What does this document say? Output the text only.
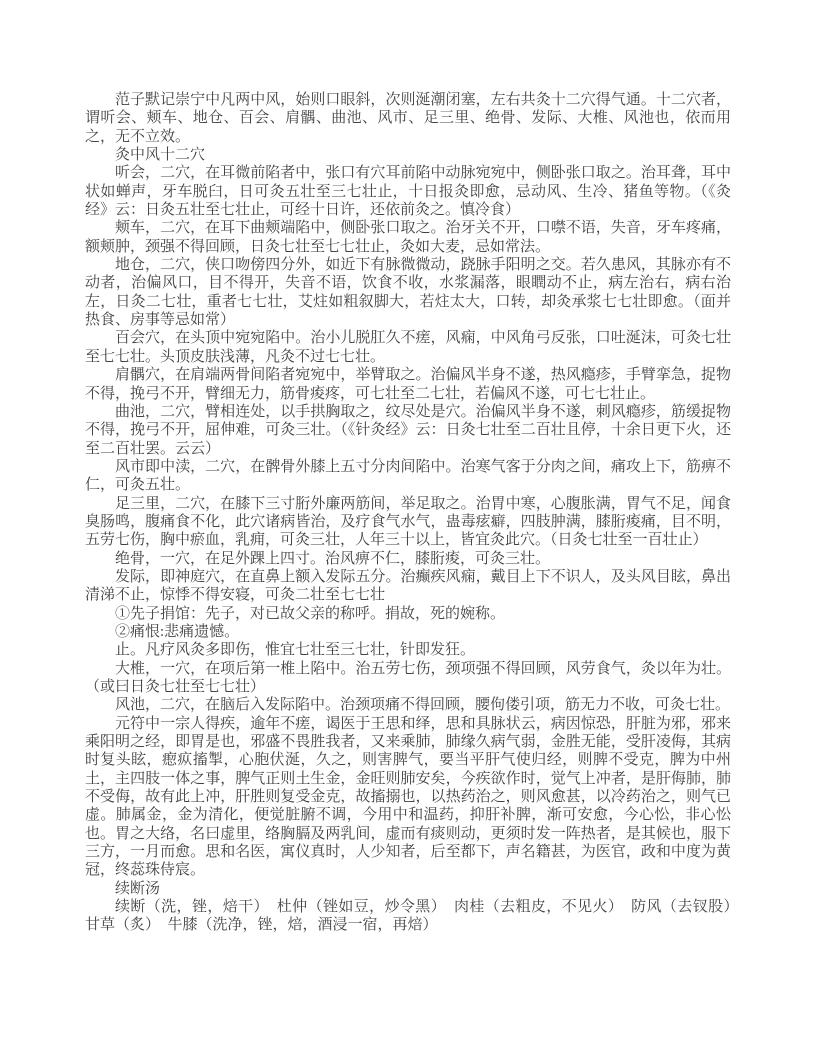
范子默记崇宁中凡两中风，始则口眼斜，次则涎潮闭塞，左右共灸十二穴得气通。十二穴者，谓听会、颊车、地仓、百会、肩髃、曲池、风市、足三里、绝骨、发际、大椎、风池也，依而用之，无不立效。

灸中风十二穴

听会，二穴，在耳微前陷者中，张口有穴耳前陷中动脉宛宛中，侧卧张口取之。治耳聋，耳中状如蝉声，牙车脱臼，日可灸五壮至三七壮止，十日报灸即愈，忌动风、生冷、猪鱼等物。（《灸经》云：日灸五壮至七壮止，可经十日许，还依前灸之。慎冷食）

颊车，二穴，在耳下曲颊端陷中，侧卧张口取之。治牙关不开，口噤不语，失音，牙车疼痛，额颊肿，颈强不得回顾，日灸七壮至七七壮止，灸如大麦，忌如常法。

地仓，二穴，侠口吻傍四分外，如近下有脉微微动，跷脉手阳明之交。若久患风，其脉亦有不动者，治偏风口，目不得开，失音不语，饮食不收，水浆漏落，眼瞤动不止，病左治右，病右治左，日灸二七壮，重者七七壮，艾炷如粗叙脚大，若炷太大，口转，却灸承浆七七壮即愈。（面并热食、房事等忌如常）

百会穴，在头顶中宛宛陷中。治小儿脱肛久不瘥，风痫，中风角弓反张，口吐涎沫，可灸七壮至七七壮。头顶皮肤浅薄，凡灸不过七七壮。

肩髃穴，在肩端两骨间陷者宛宛中，举臂取之。治偏风半身不遂，热风瘾疹，手臂挛急，捉物不得，挽弓不开，臂细无力，筋骨痠疼，可七壮至二七壮，若偏风不遂，可七七壮止。

曲池，二穴，臂相连处，以手拱胸取之，纹尽处是穴。治偏风半身不遂，刺风瘾疹，筋缓捉物不得，挽弓不开，屈伸难，可灸三壮。（《针灸经》云：日灸七壮至二百壮且停，十余日更下火，还至二百壮罢。云云）

风市即中渎，二穴，在髀骨外膝上五寸分肉间陷中。治寒气客于分肉之间，痛攻上下，筋痹不仁，可灸五壮。

足三里，二穴，在膝下三寸胻外廉两筋间，举足取之。治胃中寒，心腹胀满，胃气不足，闻食臭肠鸣，腹痛食不化，此穴诸病皆治，及疗食气水气，蛊毒痃癖，四肢肿满，膝胻痠痛，目不明，五劳七伤，胸中瘀血，乳痈，可灸三壮，人年三十以上，皆宜灸此穴。（日灸七壮至一百壮止）

绝骨，一穴，在足外踝上四寸。治风痹不仁，膝胻痠，可灸三壮。

发际，即神庭穴，在直鼻上额入发际五分。治癫疾风痫，戴目上下不识人，及头风目眩，鼻出清涕不止，惊悸不得安寝，可灸二壮至七七壮

①先子捐馆：先子，对已故父亲的称呼。捐故，死的婉称。

②痛恨:悲痛遗憾。

止。凡疗风灸多即伤，惟宜七壮至三七壮，针即发狂。

大椎，一穴，在项后第一椎上陷中。治五劳七伤，颈项强不得回顾，风劳食气，灸以年为壮。（或曰日灸七壮至七七壮）

风池，二穴，在脑后入发际陷中。治颈项痛不得回顾，腰佝偻引项，筋无力不收，可灸七壮。

元符中一宗人得疾，逾年不瘥，谒医于王思和绎，思和具脉状云，病因惊恐，肝脏为邪，邪来乘阳明之经，即胃是也，邪盛不畏胜我者，又来乘肺，肺缘久病气弱，金胜无能，受肝凌侮，其病时复头眩，瘛疭搐掣，心胞伏涎，久之，则害脾气，要当平肝气使归经，则脾不受克，脾为中州土，主四肢一体之事，脾气正则土生金，金旺则肺安矣，今疾欲作时，觉气上冲者，是肝侮肺，肺不受侮，故有此上冲，肝胜则复受金克，故搐搦也，以热药治之，则风愈甚，以冷药治之，则气已虚。肺属金，金为清化，便觉脏腑不调，今用中和温药，抑肝补脾，渐可安愈，今心忪，非心忪也。胃之大络，名曰虚里，络胸膈及两乳间，虚而有痰则动，更须时发一阵热者，是其候也，服下三方，一月而愈。思和名医，寓仪真时，人少知者，后至都下，声名籍甚，为医官，政和中度为黄冠，终蕊珠侍宸。

续断汤

续断（洗，锉，焙干）　杜仲（锉如豆，炒令黑）　肉桂（去粗皮，不见火）　防风（去钗股）　甘草（炙）　牛膝（洗净，锉，焙，酒浸一宿，再焙）
